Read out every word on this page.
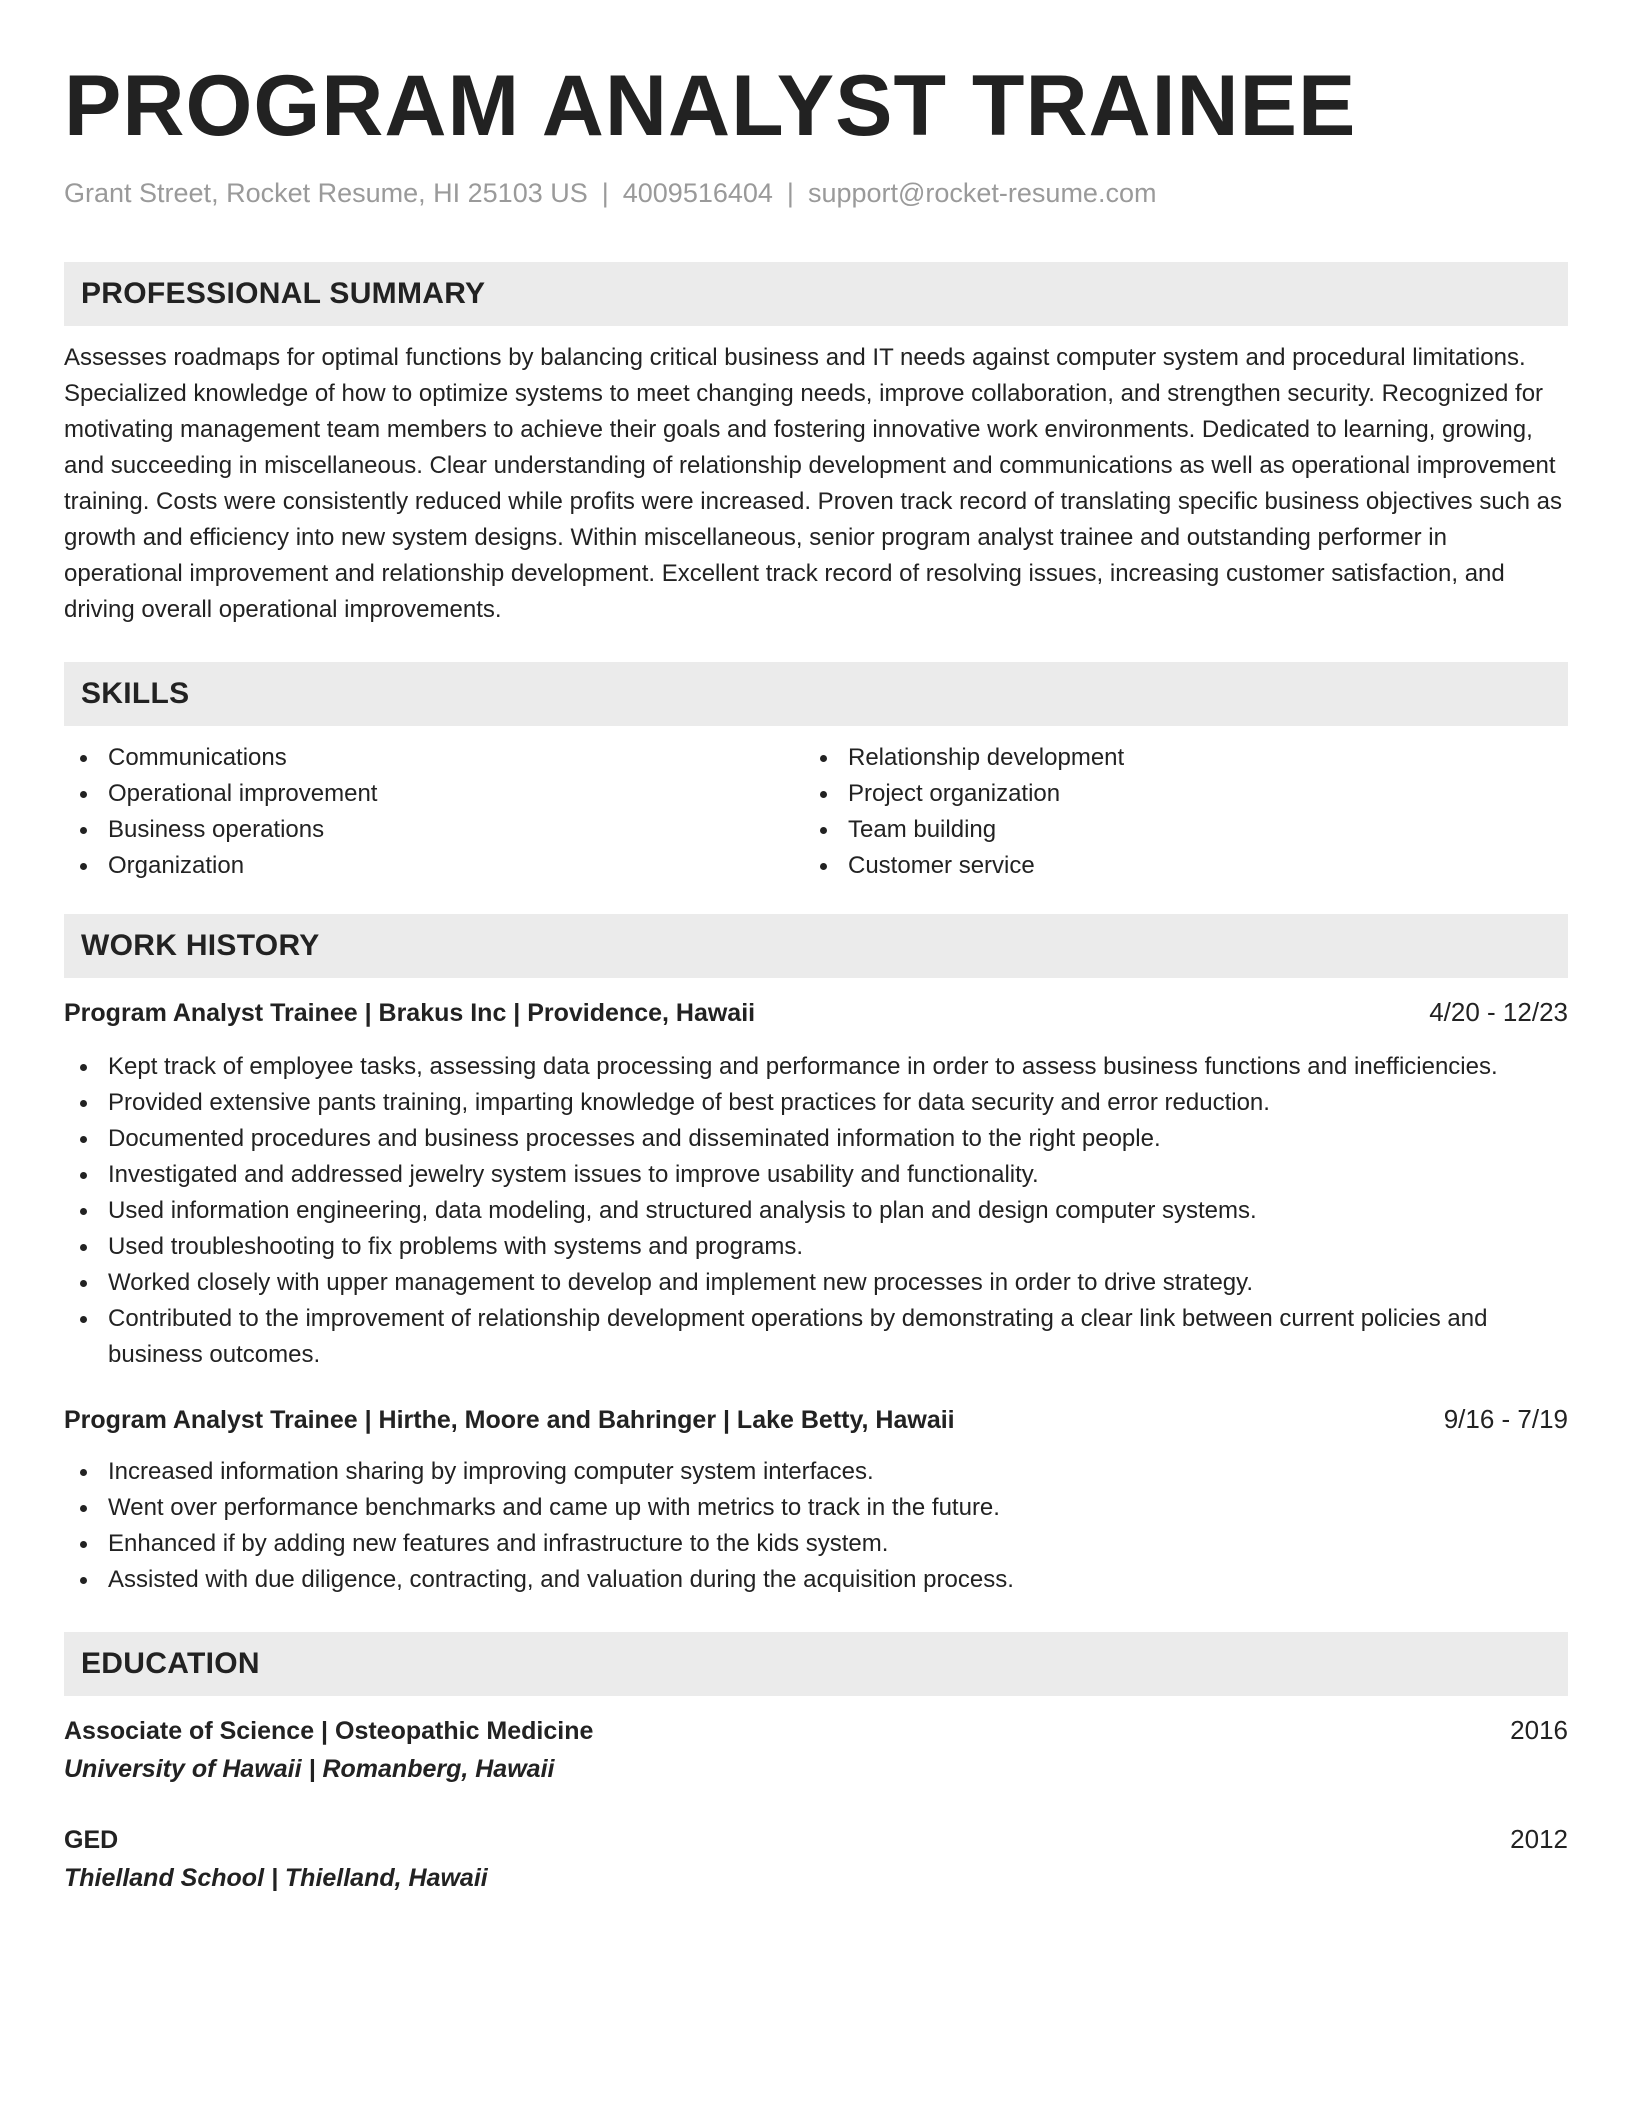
PROGRAM ANALYST TRAINEE
Grant Street, Rocket Resume, HI 25103 US | 4009516404 | support@rocket-resume.com
PROFESSIONAL SUMMARY
Assesses roadmaps for optimal functions by balancing critical business and IT needs against computer system and procedural limitations. Specialized knowledge of how to optimize systems to meet changing needs, improve collaboration, and strengthen security. Recognized for motivating management team members to achieve their goals and fostering innovative work environments. Dedicated to learning, growing, and succeeding in miscellaneous. Clear understanding of relationship development and communications as well as operational improvement training. Costs were consistently reduced while profits were increased. Proven track record of translating specific business objectives such as growth and efficiency into new system designs. Within miscellaneous, senior program analyst trainee and outstanding performer in operational improvement and relationship development. Excellent track record of resolving issues, increasing customer satisfaction, and driving overall operational improvements.
SKILLS
Communications
Operational improvement
Business operations
Organization
Relationship development
Project organization
Team building
Customer service
WORK HISTORY
Program Analyst Trainee | Brakus Inc | Providence, Hawaii	4/20 - 12/23
Kept track of employee tasks, assessing data processing and performance in order to assess business functions and inefficiencies.
Provided extensive pants training, imparting knowledge of best practices for data security and error reduction.
Documented procedures and business processes and disseminated information to the right people.
Investigated and addressed jewelry system issues to improve usability and functionality.
Used information engineering, data modeling, and structured analysis to plan and design computer systems.
Used troubleshooting to fix problems with systems and programs.
Worked closely with upper management to develop and implement new processes in order to drive strategy.
Contributed to the improvement of relationship development operations by demonstrating a clear link between current policies and business outcomes.
Program Analyst Trainee | Hirthe, Moore and Bahringer | Lake Betty, Hawaii	9/16 - 7/19
Increased information sharing by improving computer system interfaces.
Went over performance benchmarks and came up with metrics to track in the future.
Enhanced if by adding new features and infrastructure to the kids system.
Assisted with due diligence, contracting, and valuation during the acquisition process.
EDUCATION
Associate of Science | Osteopathic Medicine	2016
University of Hawaii | Romanberg, Hawaii
GED	2012
Thielland School | Thielland, Hawaii
